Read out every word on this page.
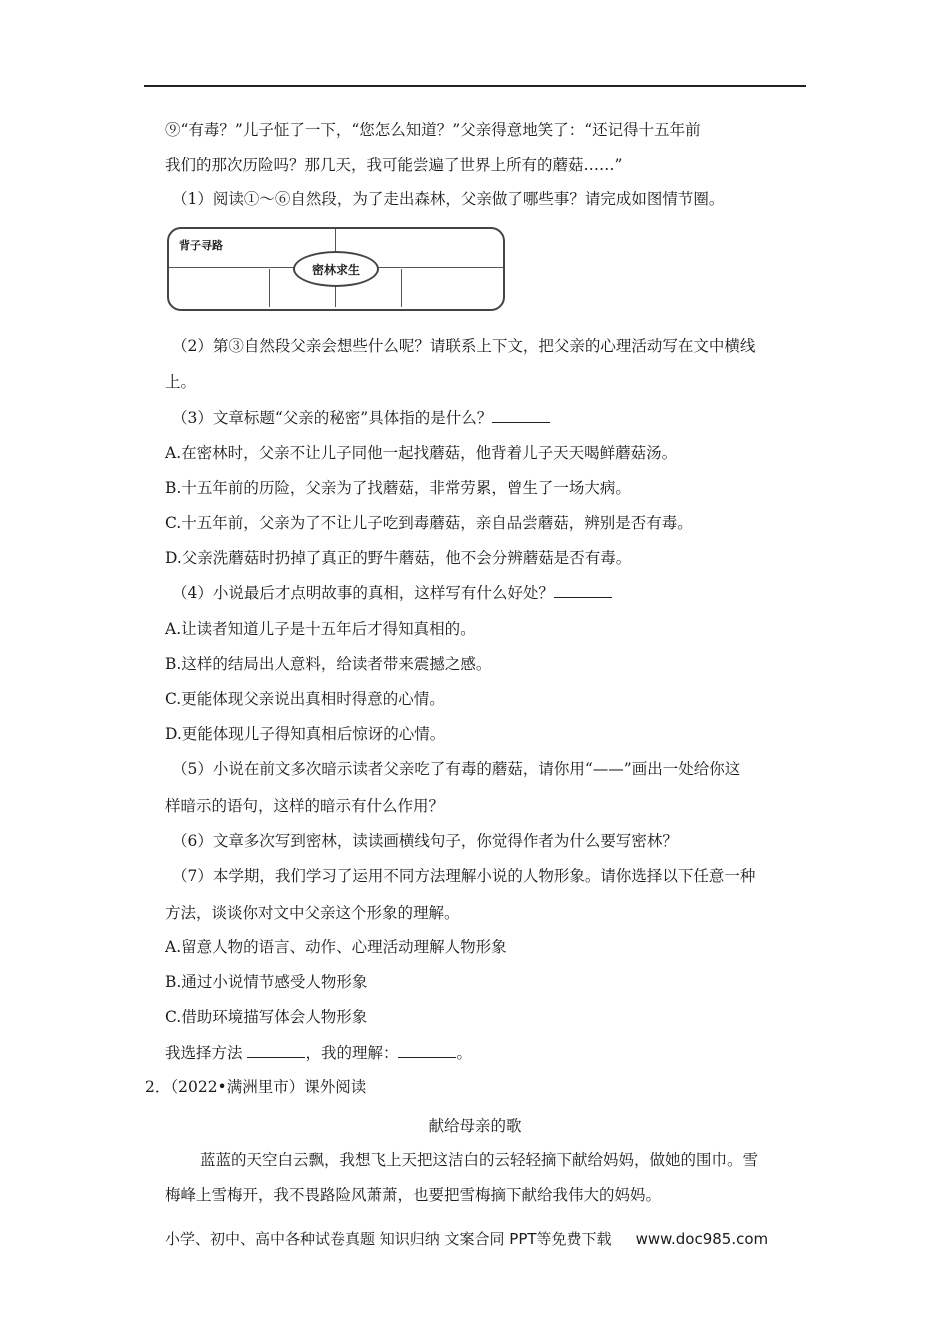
⑨“有毒？”儿子怔了一下，“您怎么知道？”父亲得意地笑了：“还记得十五年前
我们的那次历险吗？那几天，我可能尝遍了世界上所有的蘑菇……”
（1）阅读①～⑥自然段，为了走出森林，父亲做了哪些事？请完成如图情节圈。
背子寻路
密林求生
（2）第③自然段父亲会想些什么呢？请联系上下文，把父亲的心理活动写在文中横线
上。
（3）文章标题“父亲的秘密”具体指的是什么？
A.在密林时，父亲不让儿子同他一起找蘑菇，他背着儿子天天喝鲜蘑菇汤。
B.十五年前的历险，父亲为了找蘑菇，非常劳累，曾生了一场大病。
C.十五年前，父亲为了不让儿子吃到毒蘑菇，亲自品尝蘑菇，辨别是否有毒。
D.父亲洗蘑菇时扔掉了真正的野牛蘑菇，他不会分辨蘑菇是否有毒。
（4）小说最后才点明故事的真相，这样写有什么好处？
A.让读者知道儿子是十五年后才得知真相的。
B.这样的结局出人意料，给读者带来震撼之感。
C.更能体现父亲说出真相时得意的心情。
D.更能体现儿子得知真相后惊讶的心情。
（5）小说在前文多次暗示读者父亲吃了有毒的蘑菇，请你用“——”画出一处给你这
样暗示的语句，这样的暗示有什么作用？
（6）文章多次写到密林，读读画横线句子，你觉得作者为什么要写密林？
（7）本学期，我们学习了运用不同方法理解小说的人物形象。请你选择以下任意一种
方法，谈谈你对文中父亲这个形象的理解。
A.留意人物的语言、动作、心理活动理解人物形象
B.通过小说情节感受人物形象
C.借助环境描写体会人物形象
我选择方法	，我的理解：	。
2．（2022•满洲里市）课外阅读
献给母亲的歌
蓝蓝的天空白云飘，我想飞上天把这洁白的云轻轻摘下献给妈妈，做她的围巾。雪
梅峰上雪梅开，我不畏路险风萧萧，也要把雪梅摘下献给我伟大的妈妈。
小学、初中、高中各种试卷真题 知识归纳 文案合同 PPT等免费下载 www.doc985.com
